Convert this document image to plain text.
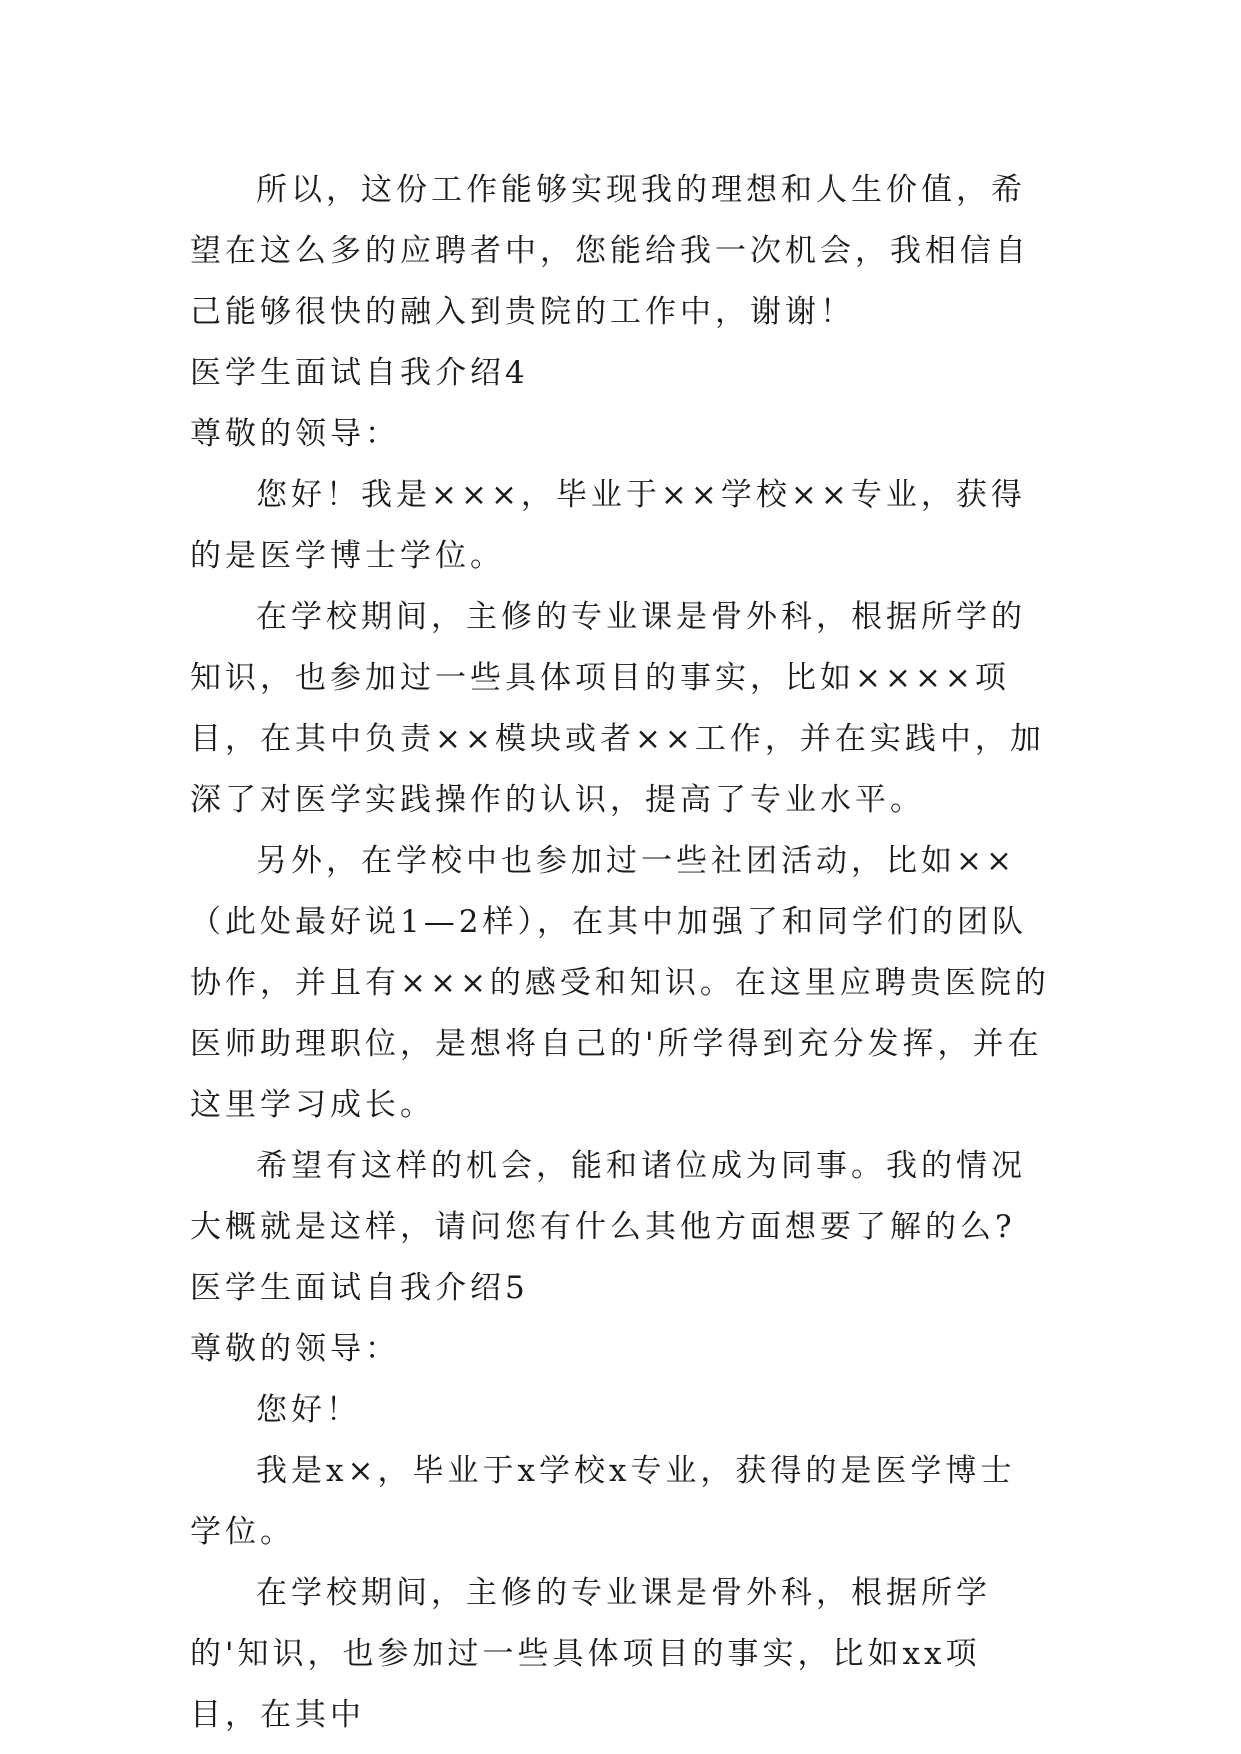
所以，这份工作能够实现我的理想和人生价值，希望在这么多的应聘者中，您能给我一次机会，我相信自己能够很快的融入到贵院的工作中，谢谢！

医学生面试自我介绍4

尊敬的领导：

您好！我是×××，毕业于××学校××专业，获得的是医学博士学位。

在学校期间，主修的专业课是骨外科，根据所学的知识，也参加过一些具体项目的事实，比如××××项目，在其中负责××模块或者××工作，并在实践中，加深了对医学实践操作的认识，提高了专业水平。

另外，在学校中也参加过一些社团活动，比如××（此处最好说1—2样），在其中加强了和同学们的团队协作，并且有×××的感受和知识。在这里应聘贵医院的医师助理职位，是想将自己的'所学得到充分发挥，并在这里学习成长。

希望有这样的机会，能和诸位成为同事。我的情况大概就是这样，请问您有什么其他方面想要了解的么?

医学生面试自我介绍5

尊敬的领导：

您好！

我是x×，毕业于x学校x专业，获得的是医学博士学位。

在学校期间，主修的专业课是骨外科，根据所学的'知识，也参加过一些具体项目的事实，比如xx项目，在其中
